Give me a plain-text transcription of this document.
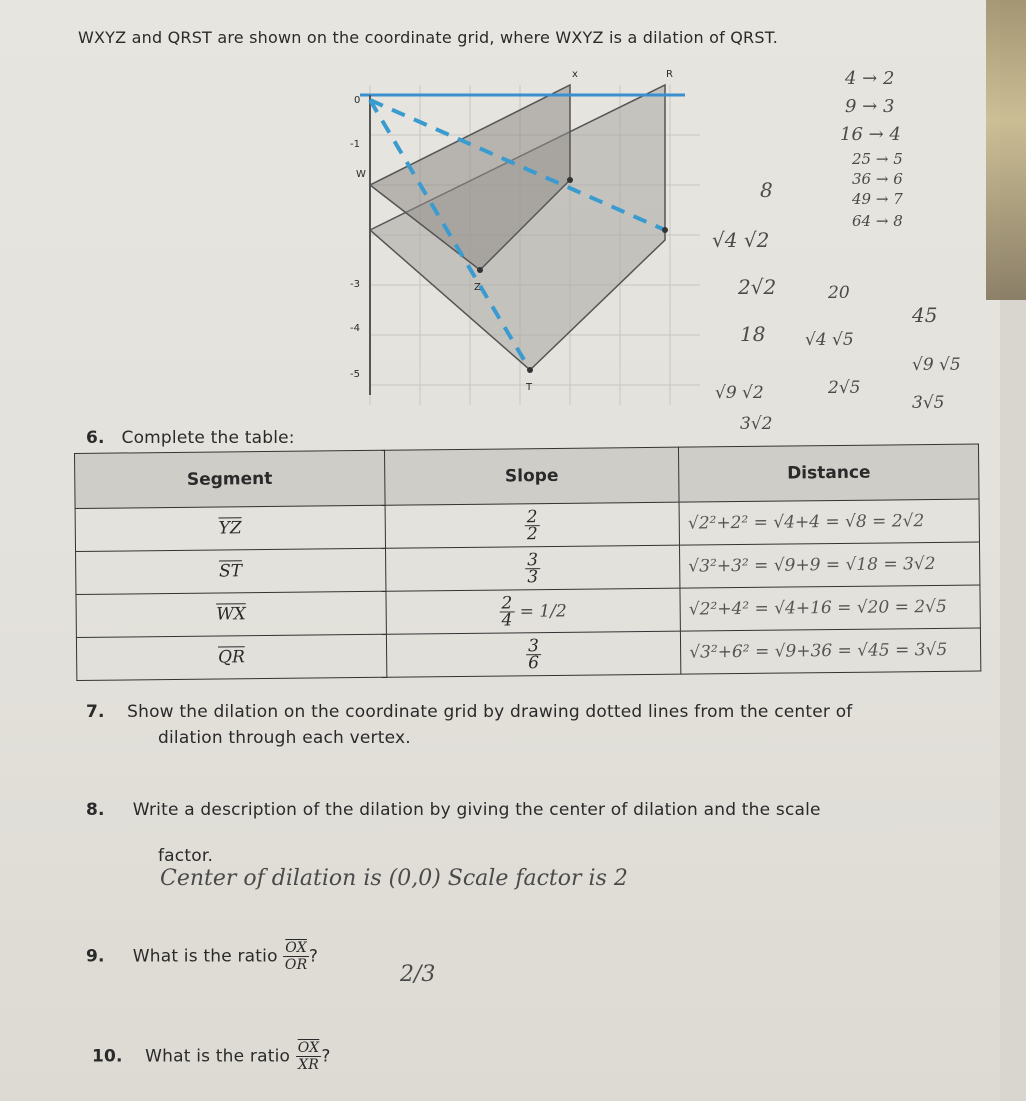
WXYZ and QRST are shown on the coordinate grid, where WXYZ is a dilation of QRST.
x	R
W
Z
T
0
-1
-3
-4
-5
4 → 2
9 → 3
16 → 4
25 → 5
36 → 6
49 → 7
64 → 8
8
√4 √2
2√2	20
√4 √5
2√5
18
√9 √2
3√2
45
√9 √5
3√5
6. Complete the table:
Segment	Slope	Distance
$\overline{YZ}$	$\frac{2}{2}$	√2²+2² = √4+4 = √8 = 2√2
$\overline{ST}$	$\frac{3}{3}$	√3²+3² = √9+9 = √18 = 3√2
$\overline{WX}$	$\frac{2}{4} = 1/2$	√2²+4² = √4+16 = √20 = 2√5
$\overline{QR}$	$\frac{3}{6}$	√3²+6² = √9+36 = √45 = 3√5
7. Show the dilation on the coordinate grid by drawing dotted lines from the center of
dilation through each vertex.
8. Write a description of the dilation by giving the center of dilation and the scale
factor.
Center of dilation is (0,0) Scale factor is 2
9. What is the ratio $\frac{\overline{OX}}{OR}$ ?
2/3
10. What is the ratio $\frac{\overline{OX}}{XR}$ ?
